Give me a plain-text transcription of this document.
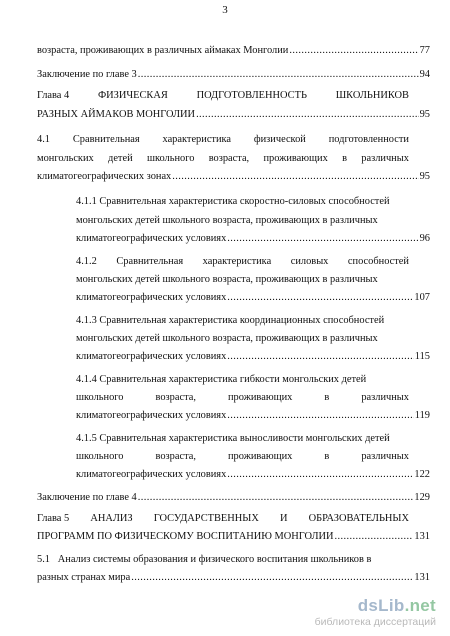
3
возраста, проживающих в различных аймаках Монголии .....	77
Заключение по главе 3 .....	94
Глава 4	ФИЗИЧЕСКАЯ	ПОДГОТОВЛЕННОСТЬ	ШКОЛЬНИКОВ
РАЗНЫХ АЙМАКОВ МОНГОЛИИ .....	95
4.1 Сравнительная характеристика физической подготовленности
монгольских детей школьного возраста, проживающих в различных
климатогеографических зонах .....	95
4.1.1 Сравнительная характеристика скоростно-силовых способностей
монгольских детей школьного возраста, проживающих в различных
климатогеографических условиях .....	96
4.1.2 Сравнительная характеристика силовых способностей
монгольских детей школьного возраста, проживающих в различных
климатогеографических условиях .....	107
4.1.3 Сравнительная характеристика координационных способностей
монгольских детей школьного возраста, проживающих в различных
климатогеографических условиях .....	115
4.1.4 Сравнительная характеристика гибкости монгольских детей
школьного	возраста,	проживающих	в	различных
климатогеографических условиях .....	119
4.1.5 Сравнительная характеристика выносливости монгольских детей
школьного	возраста,	проживающих	в	различных
климатогеографических условиях .....	122
Заключение по главе 4 .....	129
Глава 5 АНАЛИЗ ГОСУДАРСТВЕННЫХ И ОБРАЗОВАТЕЛЬНЫХ
ПРОГРАММ ПО ФИЗИЧЕСКОМУ ВОСПИТАНИЮ МОНГОЛИИ .....	131
5.1   Анализ системы образования и физического воспитания школьников в
разных странах мира .....	131
dsLib.net
библиотека диссертаций
